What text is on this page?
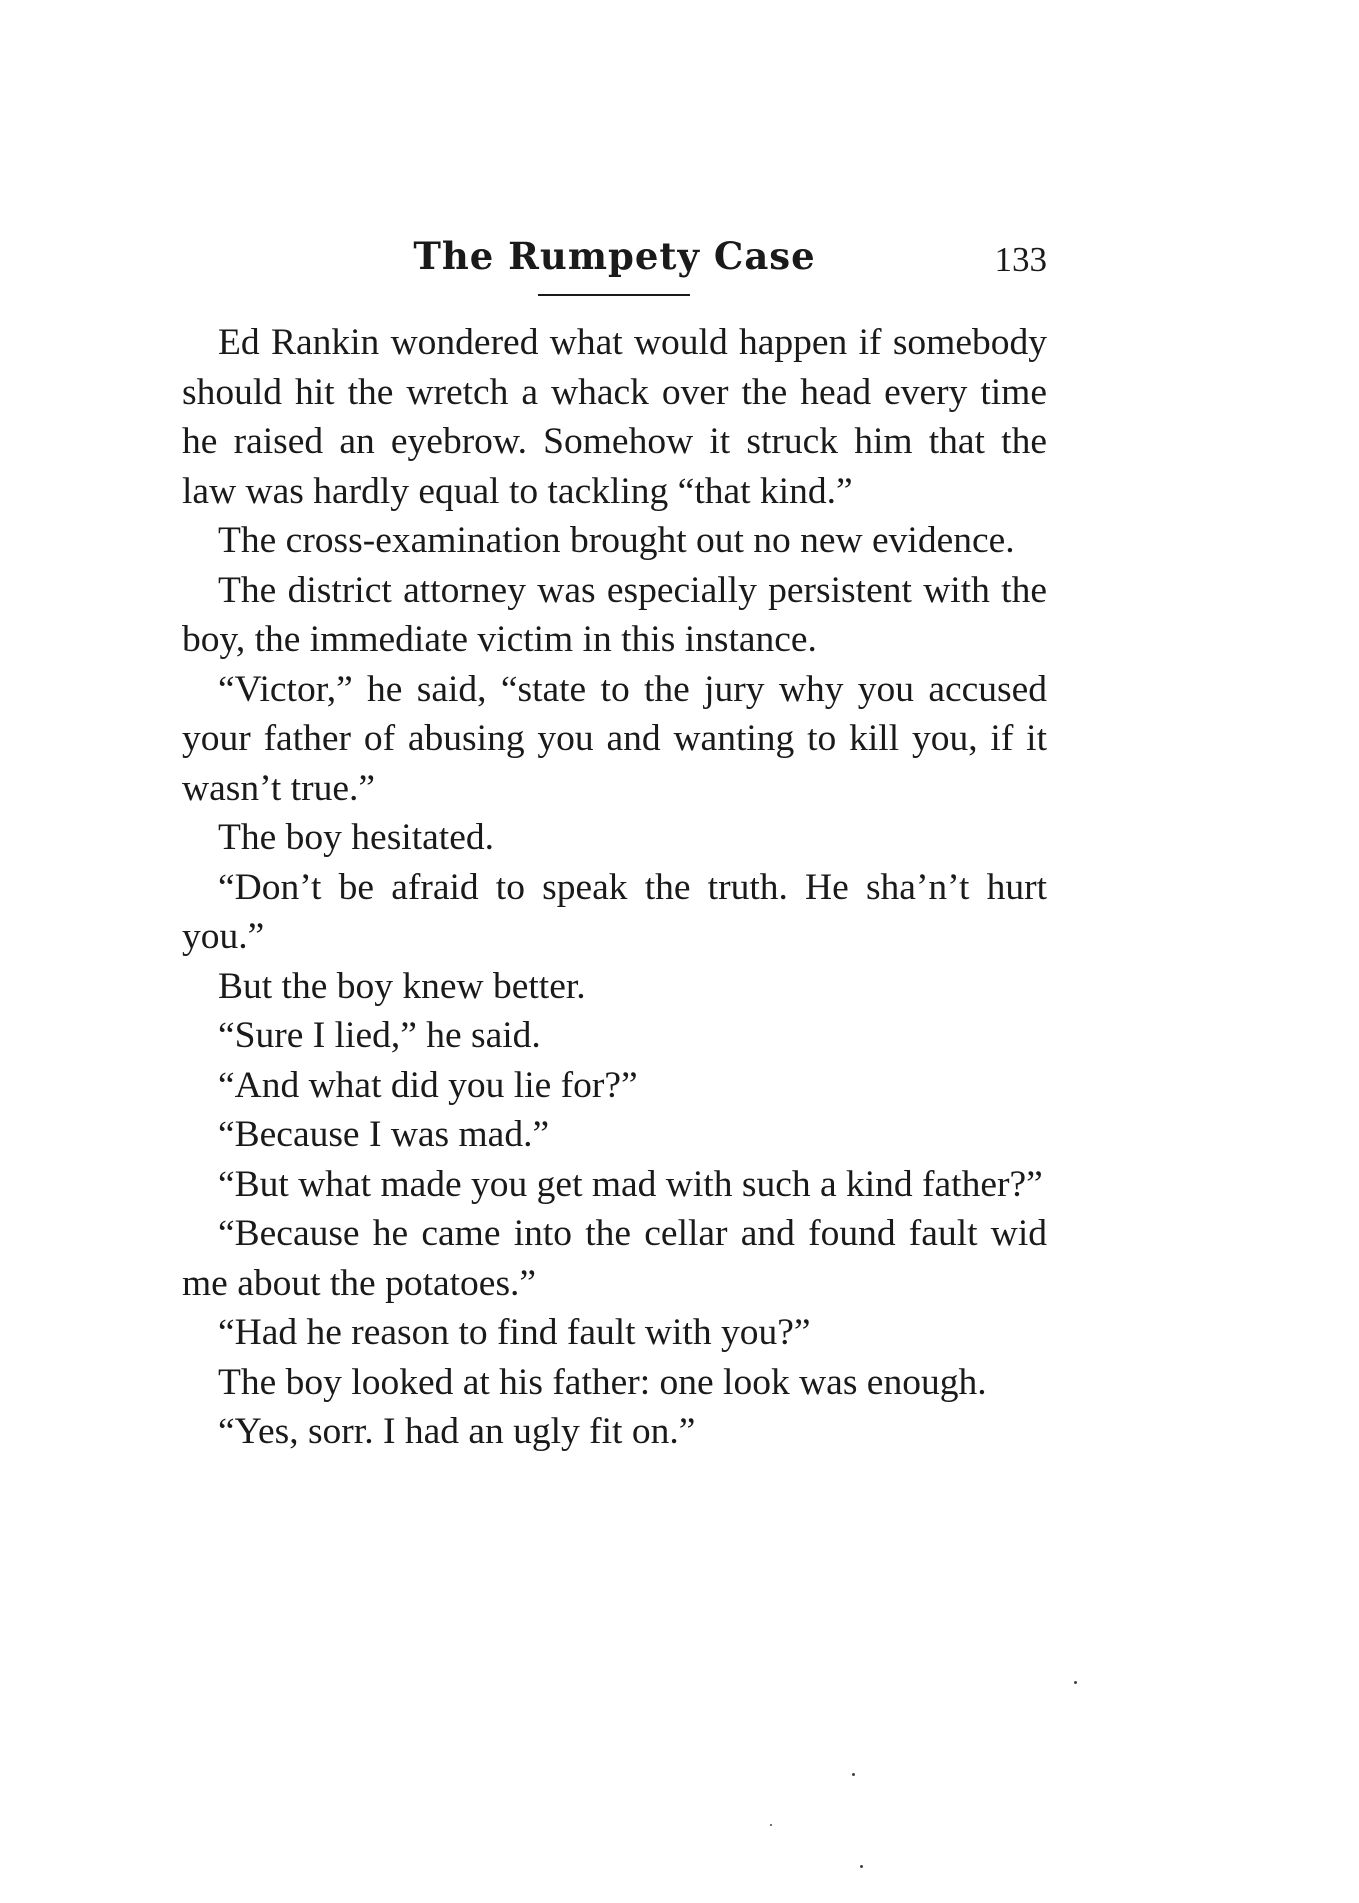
The Rumpety Case	133

Ed Rankin wondered what would happen if somebody should hit the wretch a whack over the head every time he raised an eyebrow. Somehow it struck him that the law was hardly equal to tackling “that kind.”

The cross-examination brought out no new evidence.

The district attorney was especially persistent with the boy, the immediate victim in this instance.

“Victor,” he said, “state to the jury why you accused your father of abusing you and wanting to kill you, if it wasn’t true.”

The boy hesitated.

“Don’t be afraid to speak the truth. He sha’n’t hurt you.”

But the boy knew better.

“Sure I lied,” he said.

“And what did you lie for?”

“Because I was mad.”

“But what made you get mad with such a kind father?”

“Because he came into the cellar and found fault wid me about the potatoes.”

“Had he reason to find fault with you?”

The boy looked at his father: one look was enough.

“Yes, sorr. I had an ugly fit on.”
